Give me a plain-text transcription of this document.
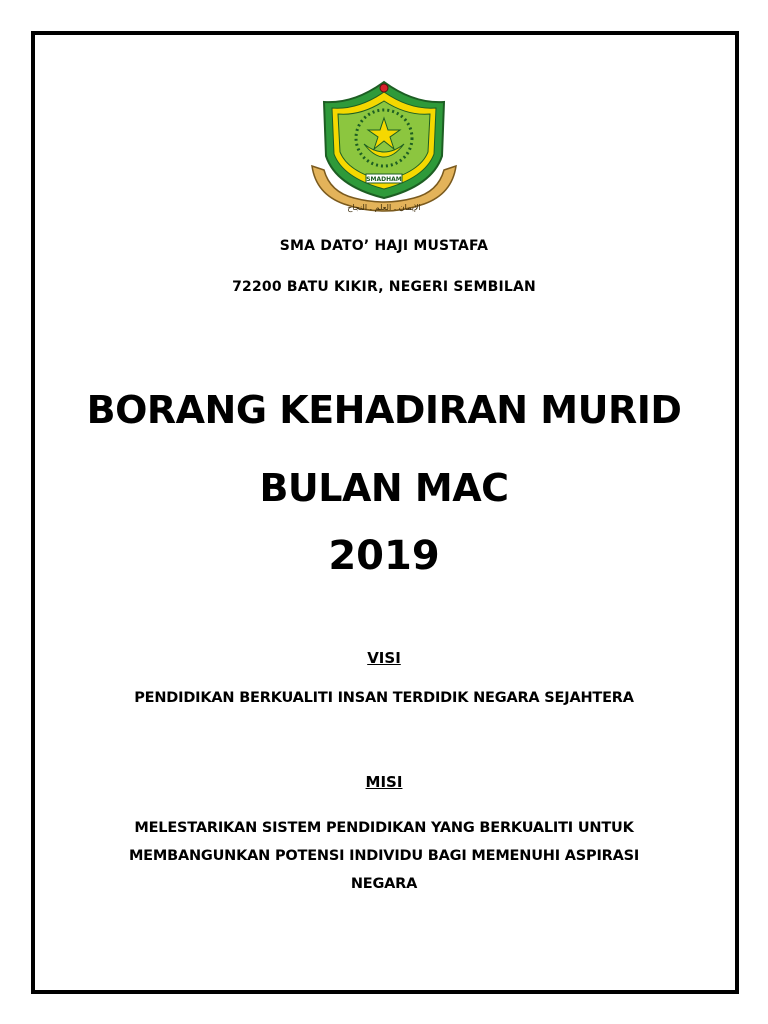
الإيمان . العلم . النجاح
SMADHAM
SMA DATO’ HAJI MUSTAFA
72200 BATU KIKIR, NEGERI SEMBILAN
BORANG KEHADIRAN MURID
BULAN MAC
2019
VISI
PENDIDIKAN BERKUALITI INSAN TERDIDIK NEGARA SEJAHTERA
MISI
MELESTARIKAN SISTEM PENDIDIKAN YANG BERKUALITI UNTUK
MEMBANGUNKAN POTENSI INDIVIDU BAGI MEMENUHI ASPIRASI
NEGARA
